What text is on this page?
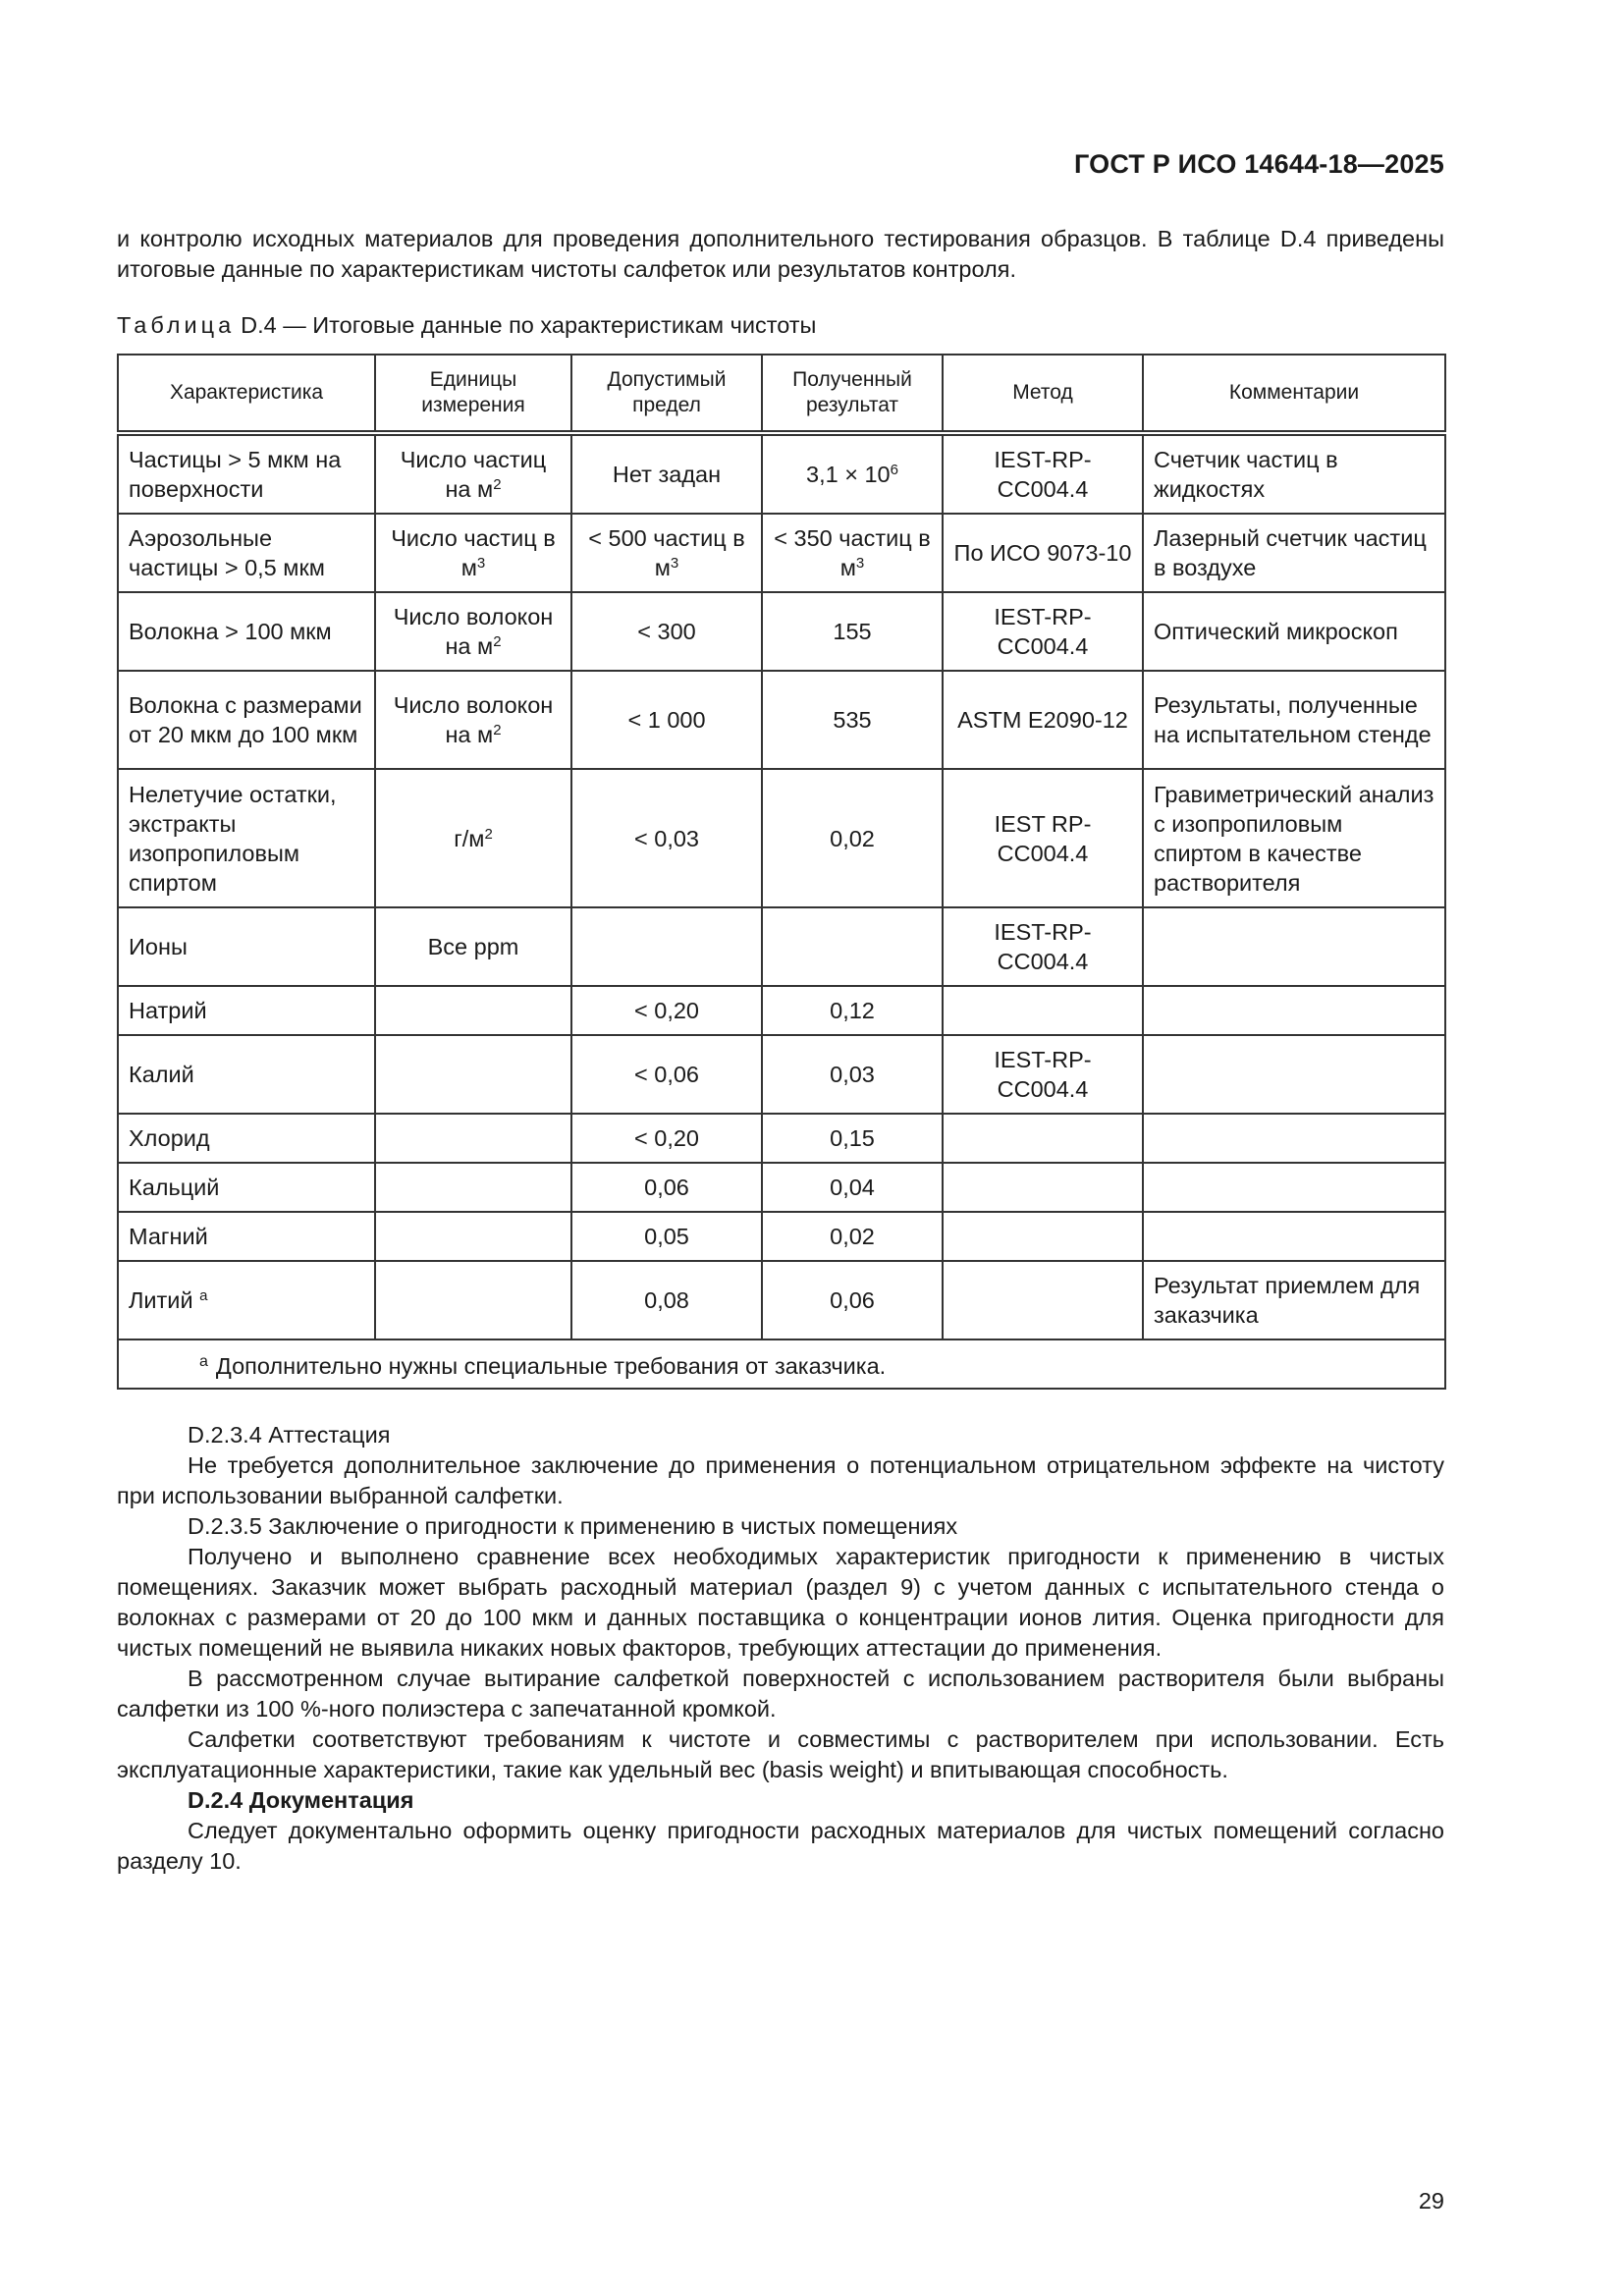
ГОСТ Р ИСО 14644-18—2025
и контролю исходных материалов для проведения дополнительного тестирования образцов. В таблице D.4 приведены итоговые данные по характеристикам чистоты салфеток или результатов контроля.
Таблица D.4 — Итоговые данные по характеристикам чистоты
Характеристика	Единицы измерения	Допустимый предел	Полученный результат	Метод	Комментарии
Частицы > 5 мкм на поверхности	Число частиц на $м^2$	Нет задан	$3,1 \times 10^6$	IEST-RP-CC004.4	Счетчик частиц в жидкостях
Аэрозольные частицы > 0,5 мкм	Число частиц в $м^3$	< 500 частиц в $м^3$	< 350 частиц в $м^3$	По ИСО 9073-10	Лазерный счетчик частиц в воздухе
Волокна > 100 мкм	Число волокон на $м^2$	< 300	155	IEST-RP-CC004.4	Оптический микроскоп
Волокна с размерами от 20 мкм до 100 мкм	Число волокон на $м^2$	< 1 000	535	ASTM E2090-12	Результаты, полученные на испытательном стенде
Нелетучие остатки, экстракты изопропиловым спиртом	$г/м^2$	< 0,03	0,02	IEST RP-CC004.4	Гравиметрический анализ с изопропиловым спиртом в качестве растворителя
Ионы	Все ppm			IEST-RP-CC004.4	
Натрий		< 0,20	0,12		
Калий		< 0,06	0,03	IEST-RP-CC004.4	
Хлорид		< 0,20	0,15		
Кальций		0,06	0,04		
Магний		0,05	0,02		
Литий $^a$		0,08	0,06		Результат приемлем для заказчика
$^a$ Дополнительно нужны специальные требования от заказчика.					

D.2.3.4 Аттестация

Не требуется дополнительное заключение до применения о потенциальном отрицательном эффекте на чистоту при использовании выбранной салфетки.

D.2.3.5 Заключение о пригодности к применению в чистых помещениях

Получено и выполнено сравнение всех необходимых характеристик пригодности к применению в чистых помещениях. Заказчик может выбрать расходный материал (раздел 9) с учетом данных с испытательного стенда о волокнах с размерами от 20 до 100 мкм и данных поставщика о концентрации ионов лития. Оценка пригодности для чистых помещений не выявила никаких новых факторов, требующих аттестации до применения.

В рассмотренном случае вытирание салфеткой поверхностей с использованием растворителя были выбраны салфетки из 100 %-ного полиэстера с запечатанной кромкой.

Салфетки соответствуют требованиям к чистоте и совместимы с растворителем при использовании. Есть эксплуатационные характеристики, такие как удельный вес (basis weight) и впитывающая способность.

D.2.4 Документация

Следует документально оформить оценку пригодности расходных материалов для чистых помещений согласно разделу 10.

29
